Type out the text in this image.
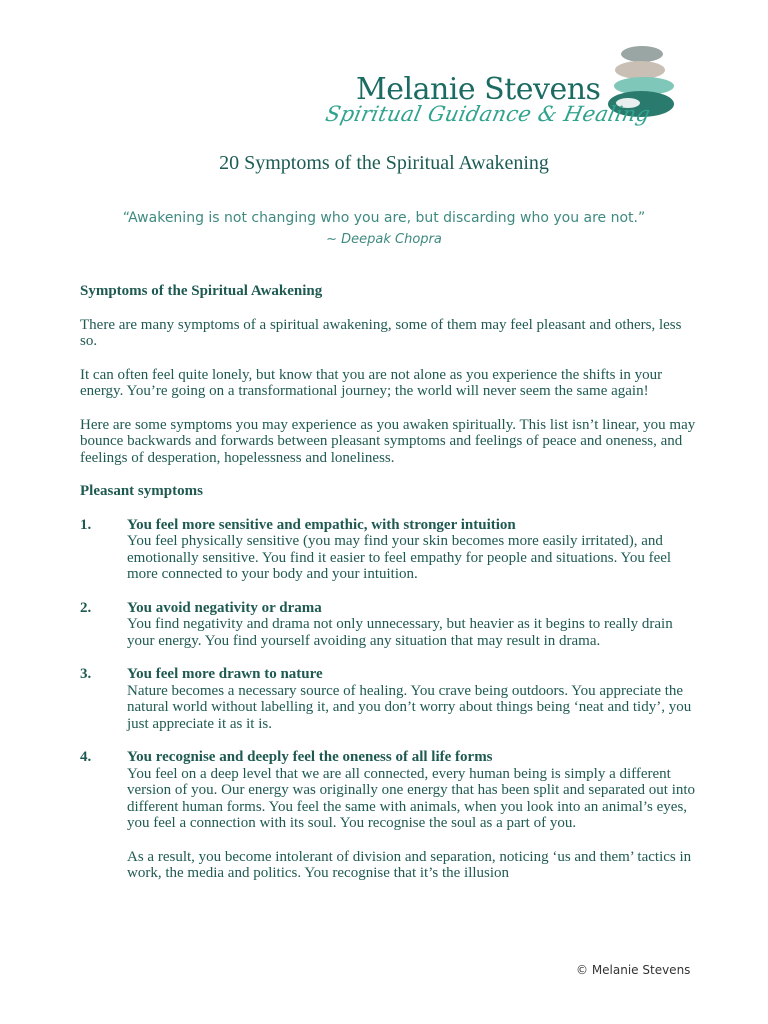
Melanie Stevens
Spiritual Guidance & Healing
20 Symptoms of the Spiritual Awakening
“Awakening is not changing who you are, but discarding who you are not.”
~ Deepak Chopra
Symptoms of the Spiritual Awakening

There are many symptoms of a spiritual awakening, some of them may feel pleasant and others, less so.

It can often feel quite lonely, but know that you are not alone as you experience the shifts in your energy. You’re going on a transformational journey; the world will never seem the same again!

Here are some symptoms you may experience as you awaken spiritually. This list isn’t linear, you may bounce backwards and forwards between pleasant symptoms and feelings of peace and oneness, and feelings of desperation, hopelessness and loneliness.

Pleasant symptoms
1.	You feel more sensitive and empathic, with stronger intuition

You feel physically sensitive (you may find your skin becomes more easily irritated), and emotionally sensitive. You find it easier to feel empathy for people and situations. You feel more connected to your body and your intuition.

2.	You avoid negativity or drama

You find negativity and drama not only unnecessary, but heavier as it begins to really drain your energy. You find yourself avoiding any situation that may result in drama.

3.	You feel more drawn to nature

Nature becomes a necessary source of healing. You crave being outdoors. You appreciate the natural world without labelling it, and you don’t worry about things being ‘neat and tidy’, you just appreciate it as it is.

4.	You recognise and deeply feel the oneness of all life forms

You feel on a deep level that we are all connected, every human being is simply a different version of you. Our energy was originally one energy that has been split and separated out into different human forms. You feel the same with animals, when you look into an animal’s eyes, you feel a connection with its soul. You recognise the soul as a part of you.

As a result, you become intolerant of division and separation, noticing ‘us and them’ tactics in work, the media and politics. You recognise that it’s the illusion

© Melanie Stevens
